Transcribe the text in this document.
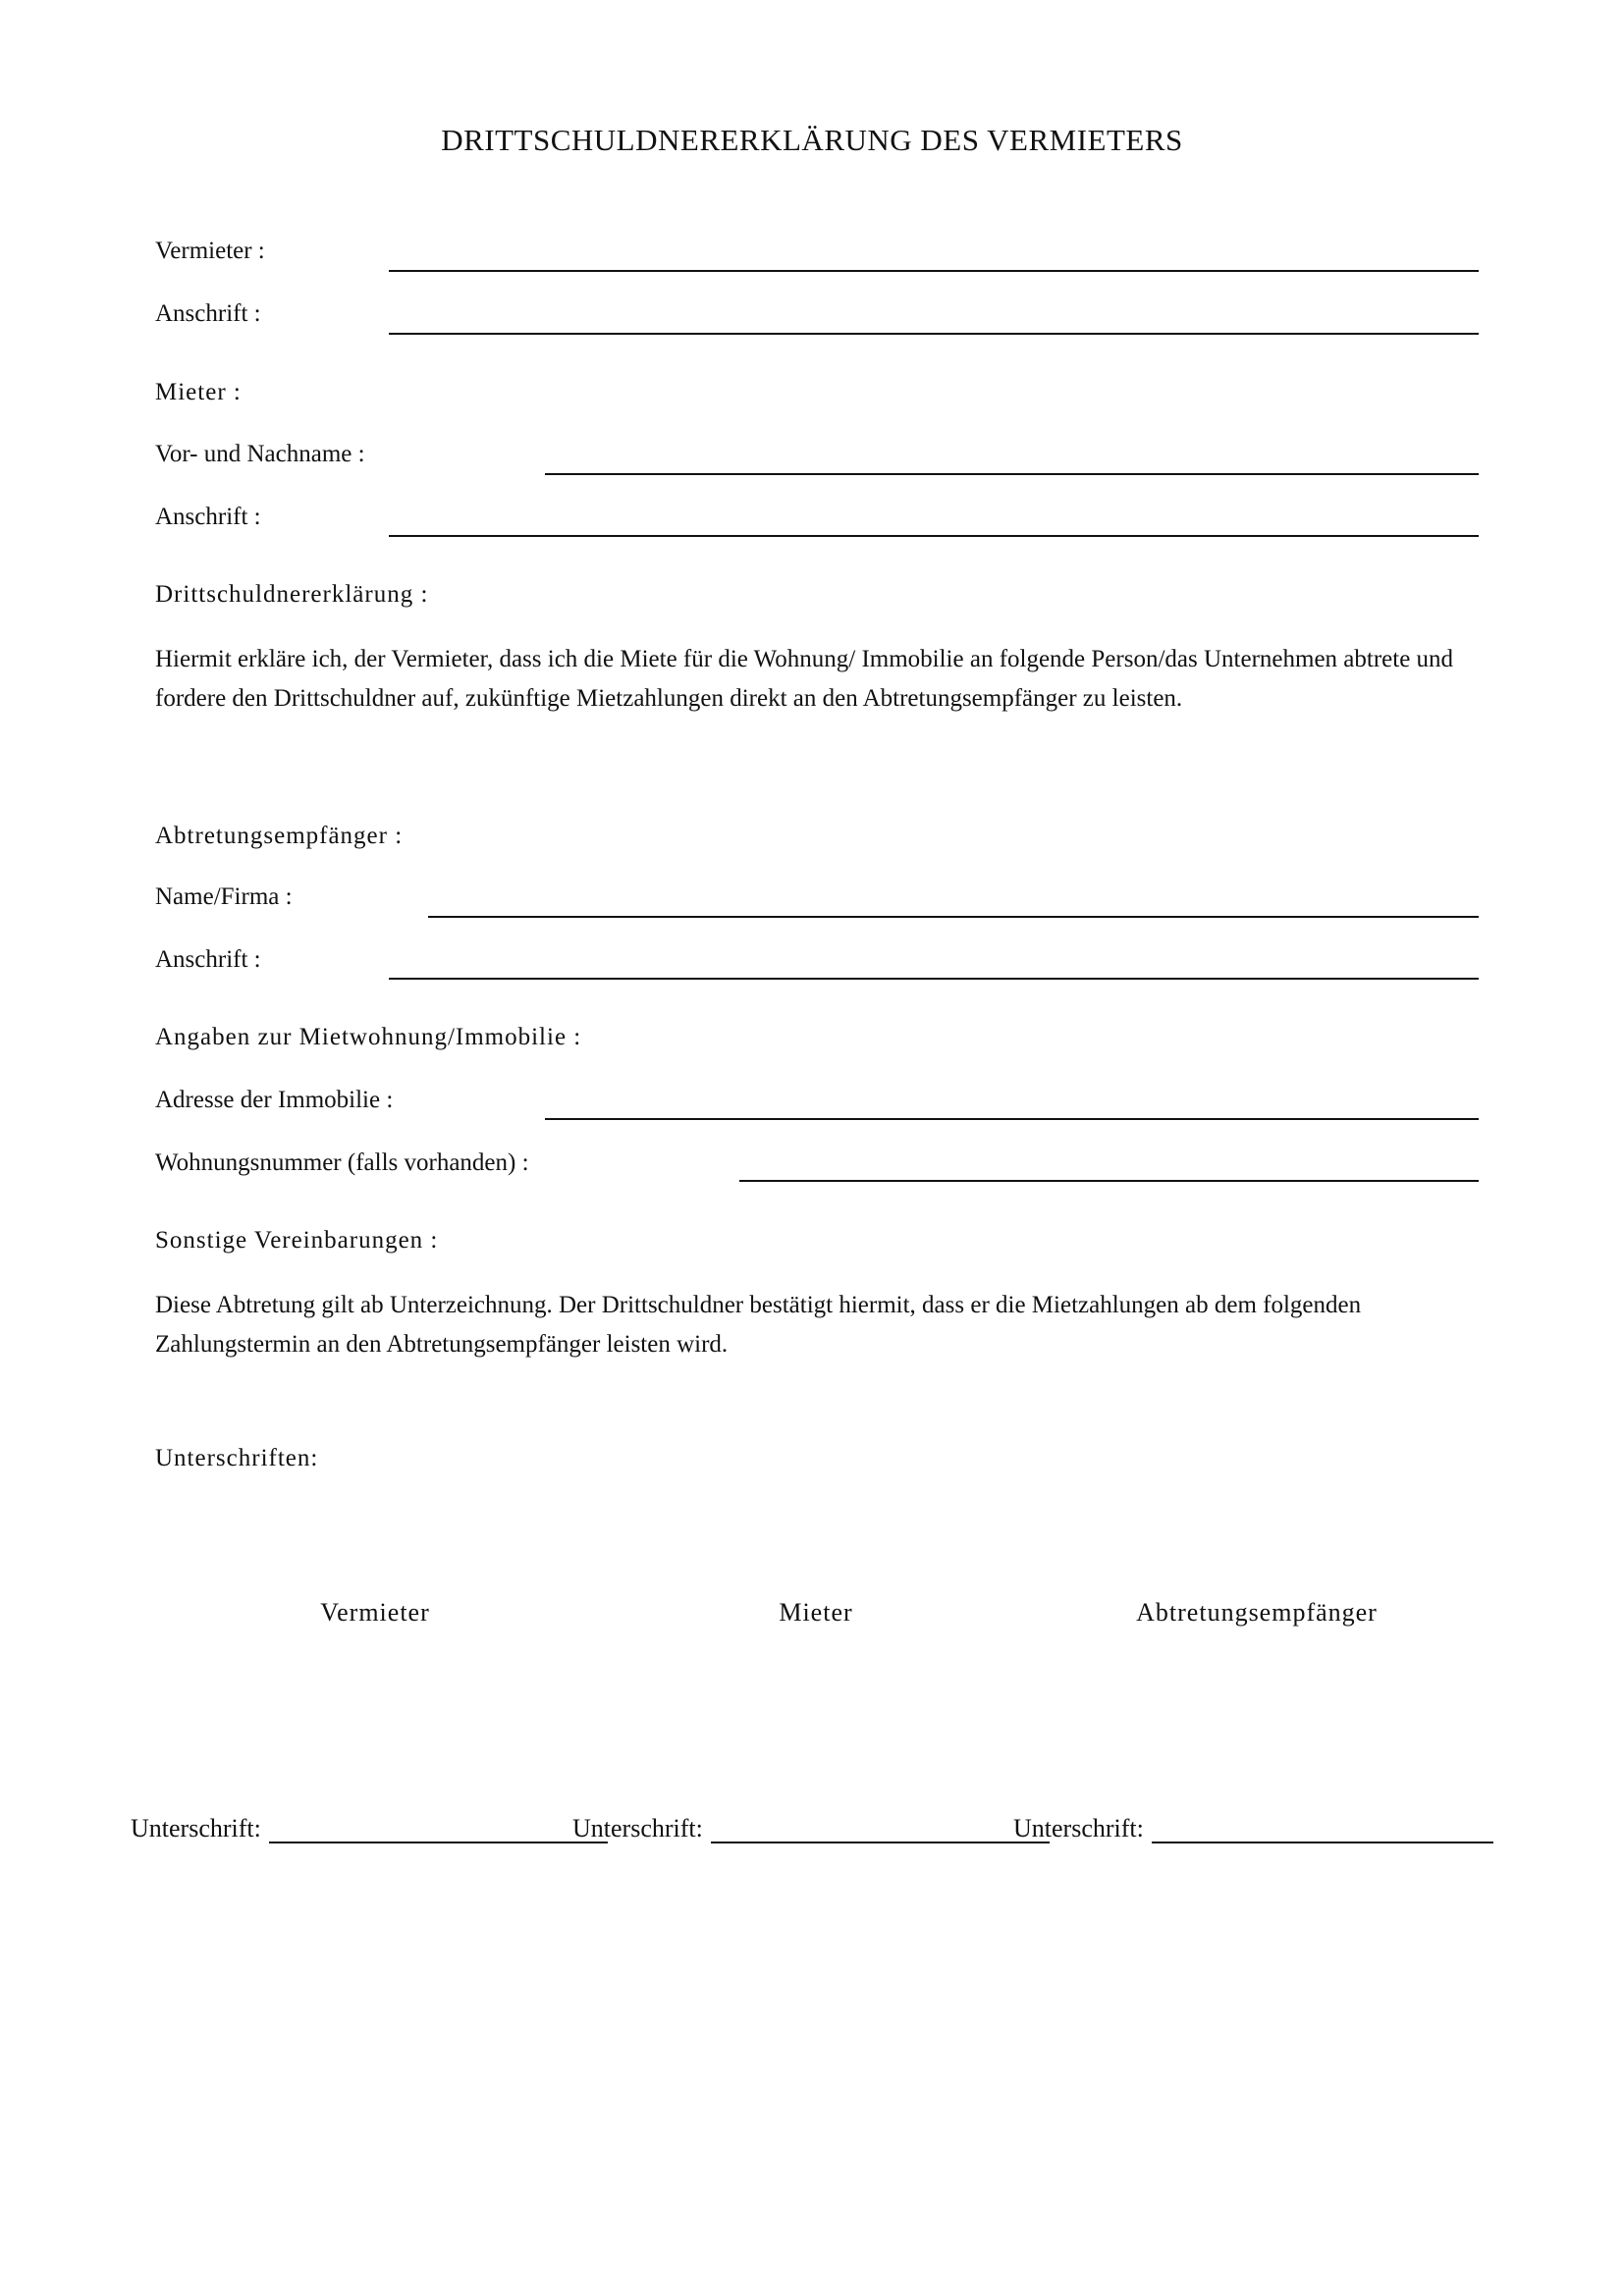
DRITTSCHULDNERERKLÄRUNG DES VERMIETERS
Vermieter :
Anschrift :
Mieter :
Vor- und Nachname :
Anschrift :
Drittschuldnererklärung :
Hiermit erkläre ich, der Vermieter, dass ich die Miete für die Wohnung/ Immobilie an folgende Person/das Unternehmen abtrete und fordere den Drittschuldner auf, zukünftige Mietzahlungen direkt an den Abtretungsempfänger zu leisten.
Abtretungsempfänger :
Name/Firma :
Anschrift :
Angaben zur Mietwohnung/Immobilie :
Adresse der Immobilie :
Wohnungsnummer (falls vorhanden) :
Sonstige Vereinbarungen :
Diese Abtretung gilt ab Unterzeichnung. Der Drittschuldner bestätigt hiermit, dass er die Mietzahlungen ab dem folgenden Zahlungstermin an den Abtretungsempfänger leisten wird.
Unterschriften:
Vermieter	Mieter	Abtretungsempfänger
Unterschrift:	Unterschrift:	Unterschrift:
